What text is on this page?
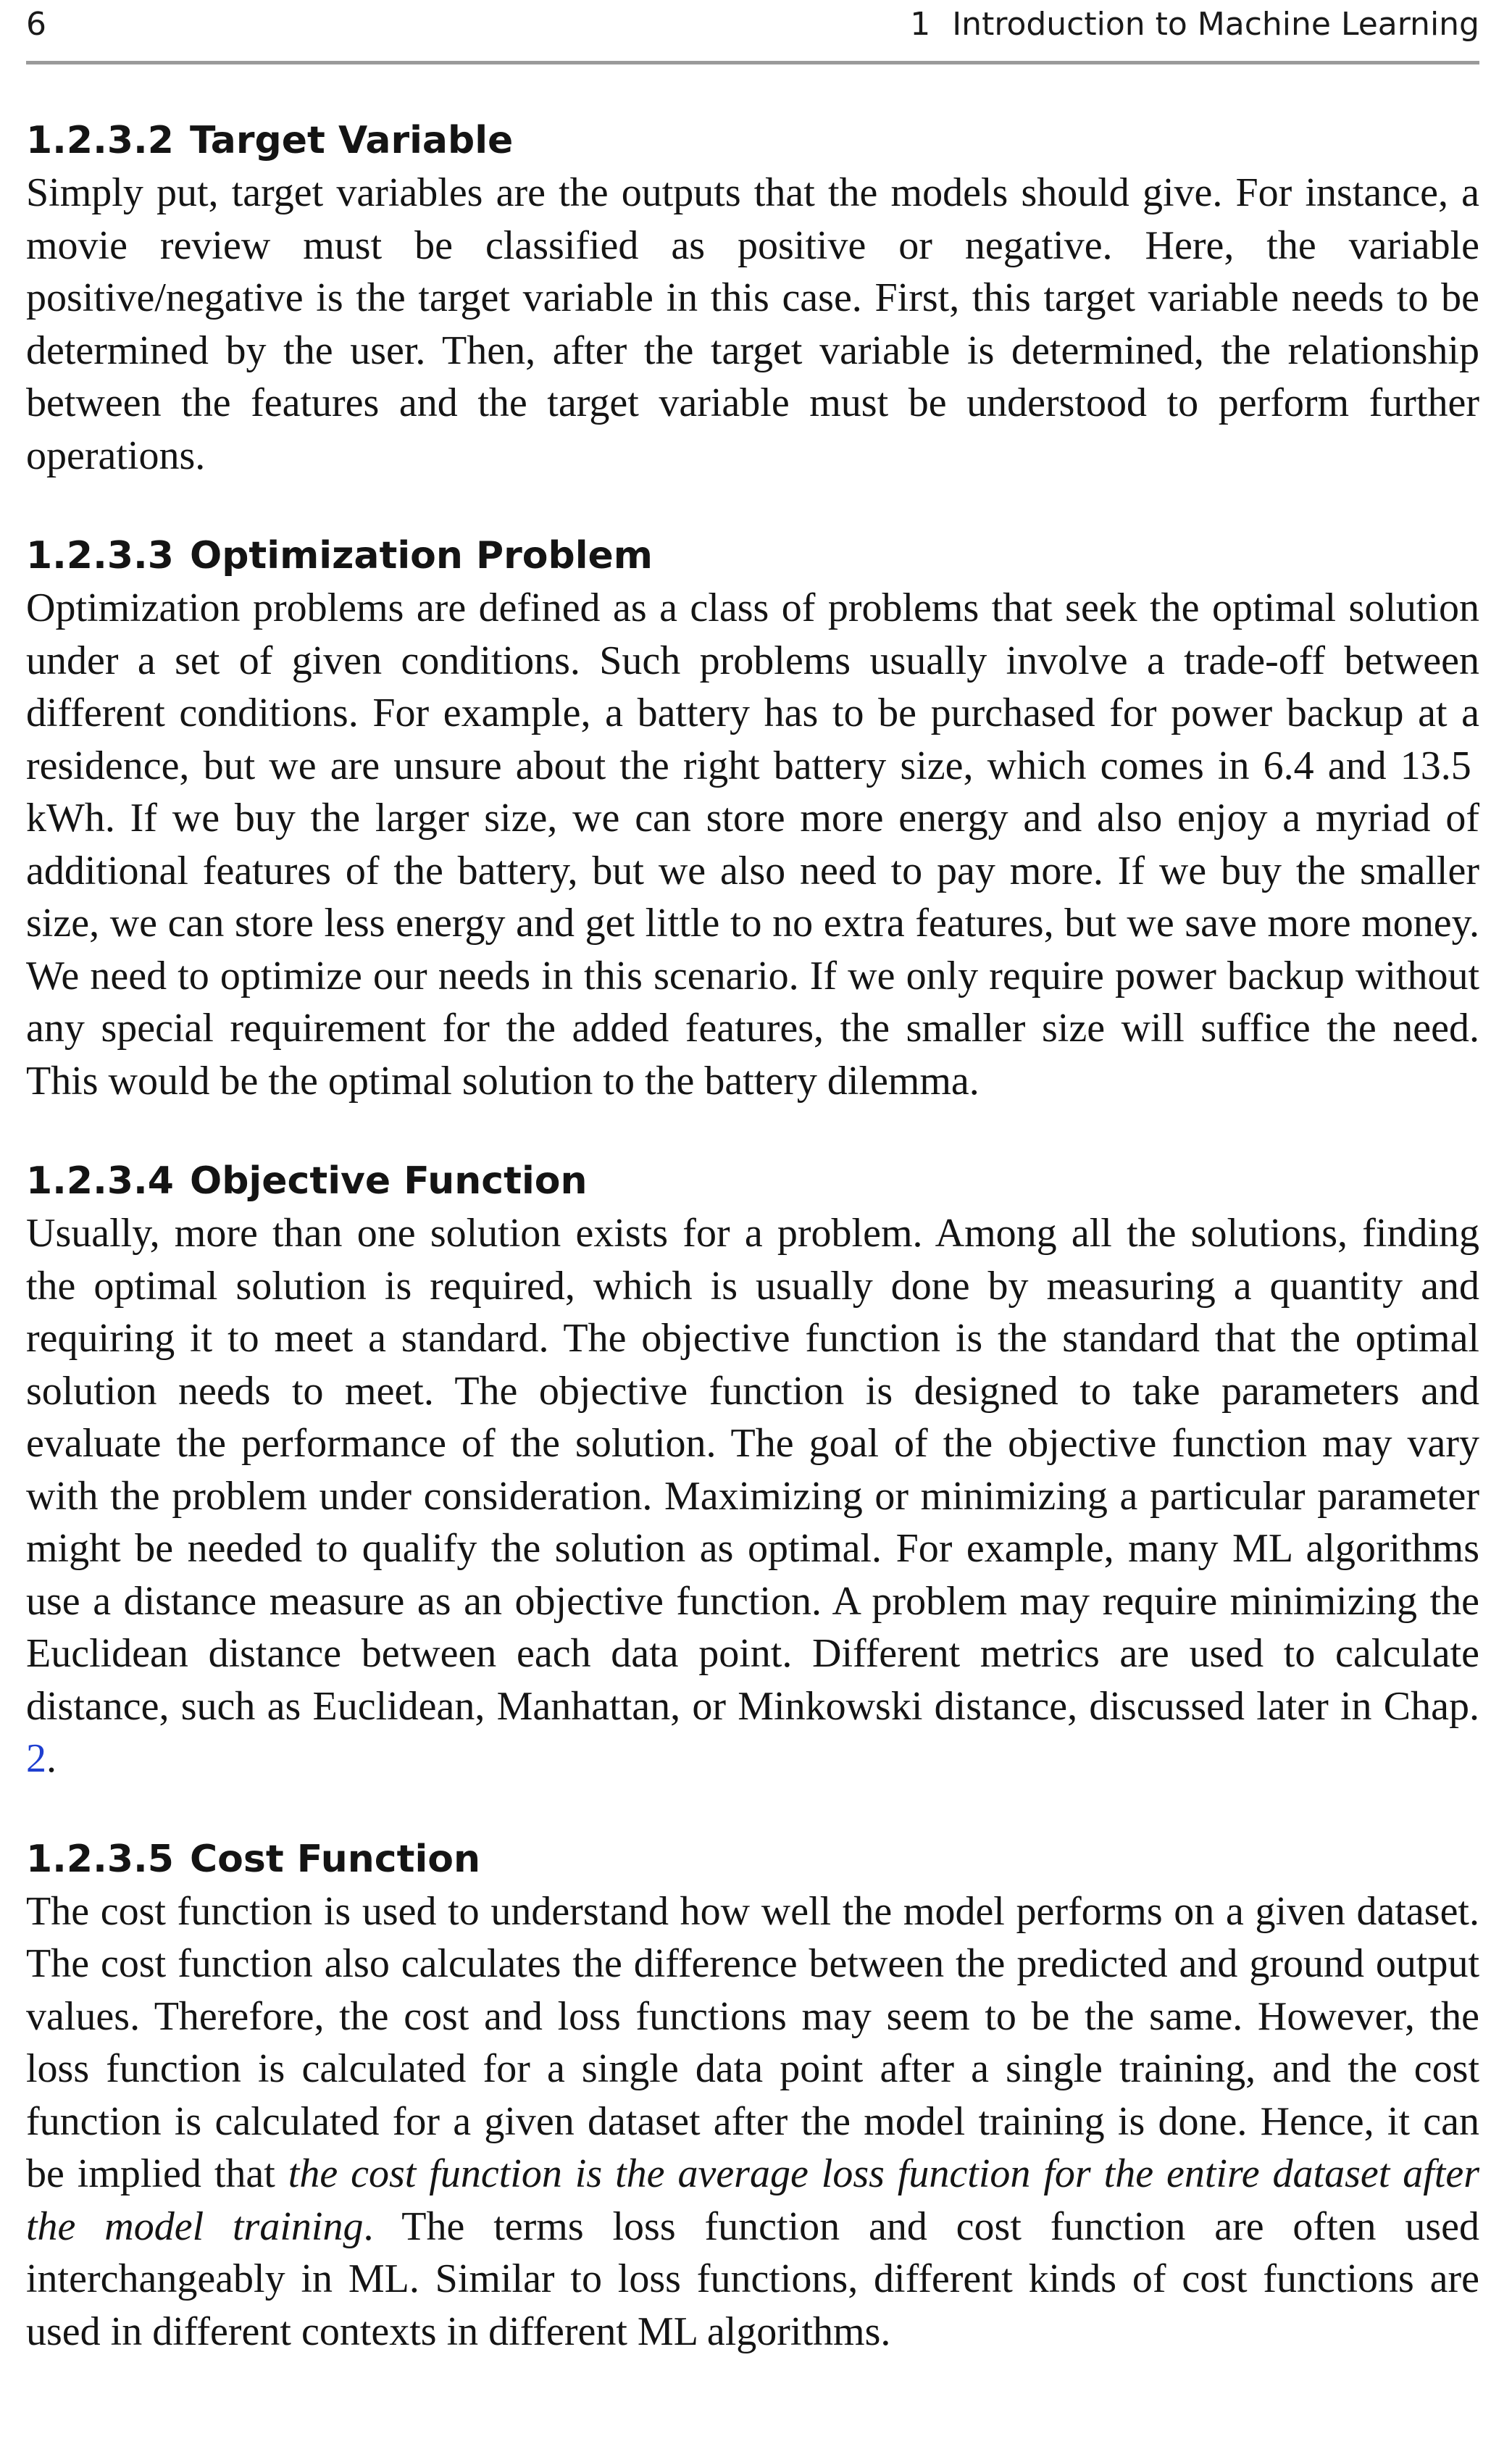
6	1 Introduction to Machine Learning
1.2.3.2 Target Variable

Simply put, target variables are the outputs that the models should give. For instance, a movie review must be classified as positive or negative. Here, the variable positive/negative is the target variable in this case. First, this target variable needs to be determined by the user. Then, after the target variable is determined, the relationship between the features and the target variable must be understood to perform further operations.

1.2.3.3 Optimization Problem

Optimization problems are defined as a class of problems that seek the optimal solution under a set of given conditions. Such problems usually involve a trade-off between different conditions. For example, a battery has to be purchased for power backup at a residence, but we are unsure about the right battery size, which comes in 6.4 and 13.5 kWh. If we buy the larger size, we can store more energy and also enjoy a myriad of additional features of the battery, but we also need to pay more. If we buy the smaller size, we can store less energy and get little to no extra features, but we save more money. We need to optimize our needs in this scenario. If we only require power backup without any special requirement for the added features, the smaller size will suffice the need. This would be the optimal solution to the battery dilemma.

1.2.3.4 Objective Function

Usually, more than one solution exists for a problem. Among all the solutions, finding the optimal solution is required, which is usually done by measuring a quantity and requiring it to meet a standard. The objective function is the standard that the optimal solution needs to meet. The objective function is designed to take parameters and evaluate the performance of the solution. The goal of the objective function may vary with the problem under consideration. Maximizing or minimizing a particular parameter might be needed to qualify the solution as optimal. For example, many ML algorithms use a distance measure as an objective function. A problem may require minimizing the Euclidean distance between each data point. Different metrics are used to calculate distance, such as Euclidean, Manhattan, or Minkowski distance, discussed later in Chap. 2.

1.2.3.5 Cost Function

The cost function is used to understand how well the model performs on a given dataset. The cost function also calculates the difference between the predicted and ground output values. Therefore, the cost and loss functions may seem to be the same. However, the loss function is calculated for a single data point after a single training, and the cost function is calculated for a given dataset after the model training is done. Hence, it can be implied that the cost function is the average loss function for the entire dataset after the model training. The terms loss function and cost function are often used interchangeably in ML. Similar to loss functions, different kinds of cost functions are used in different contexts in different ML algorithms.
